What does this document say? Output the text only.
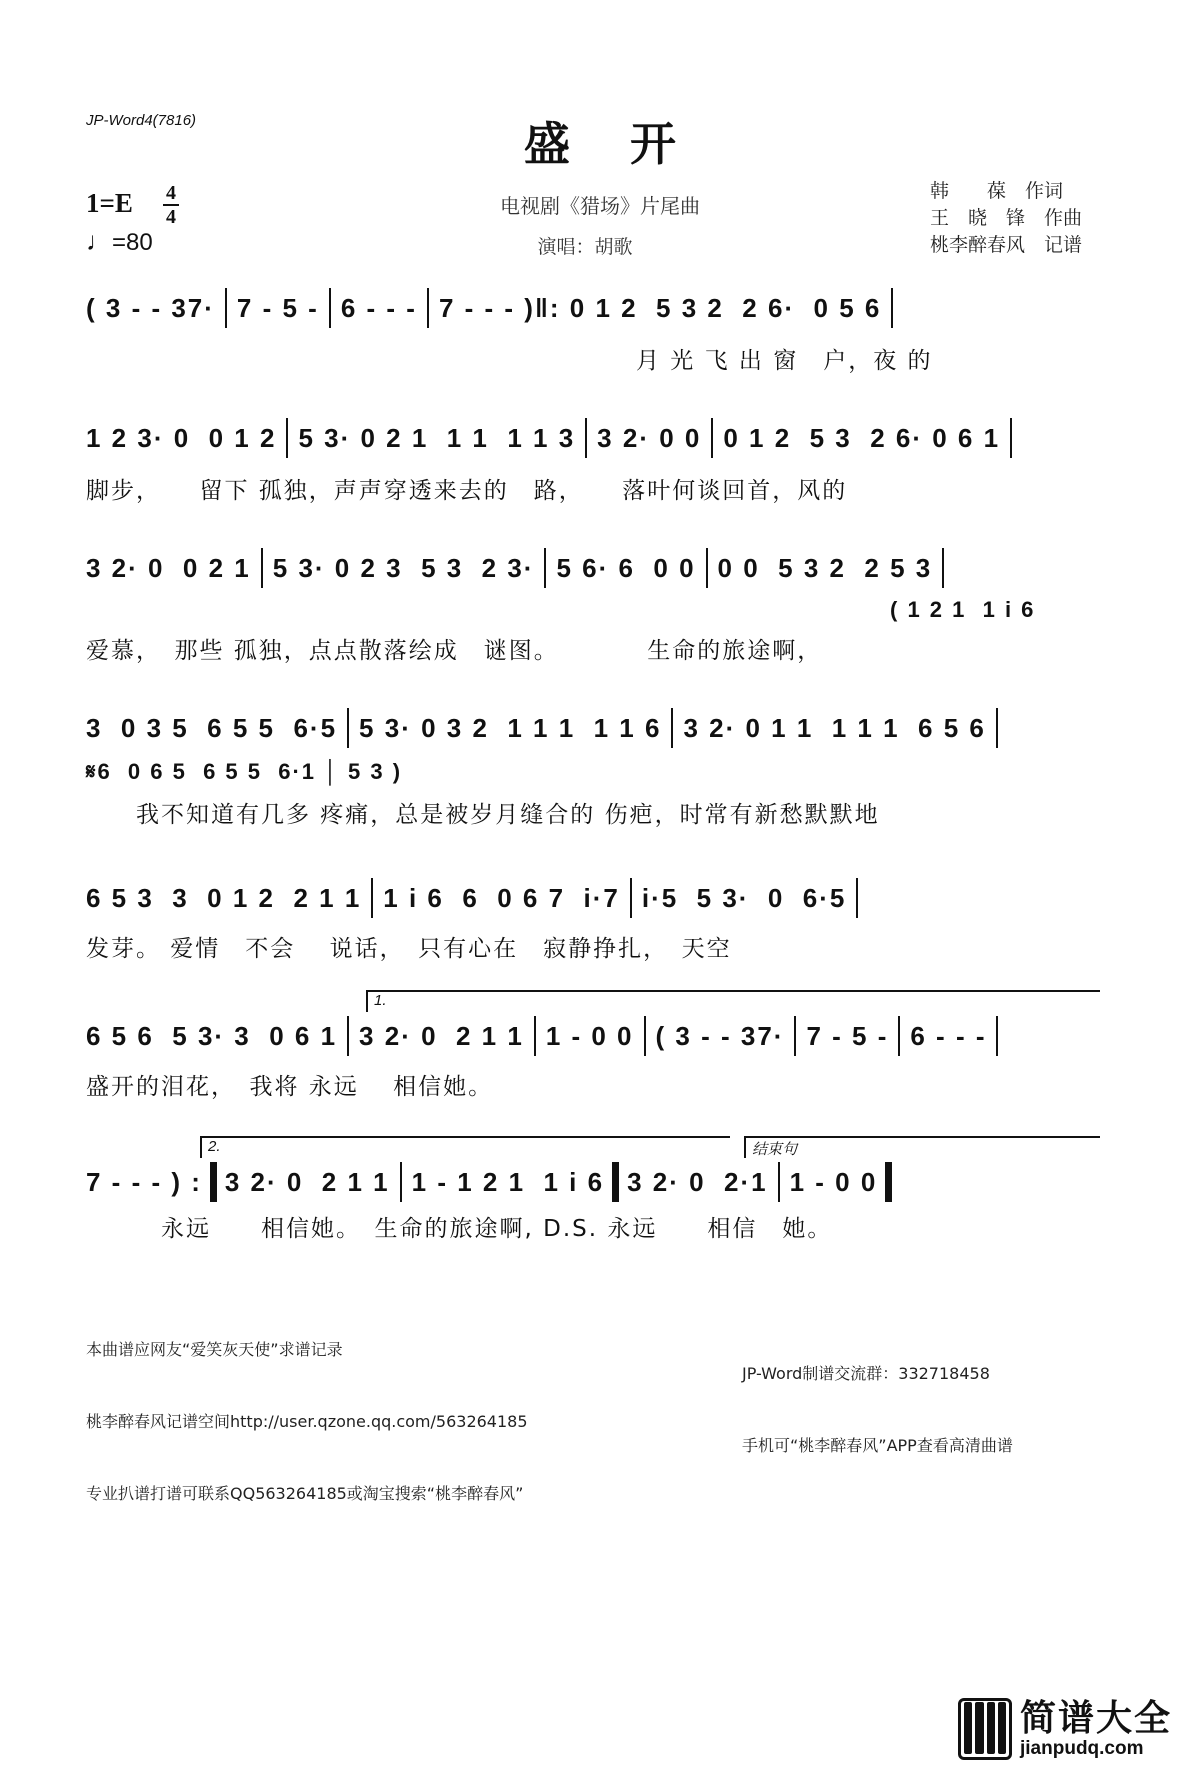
JP-Word4(7816)	盛开
1=E 4
4
♩=80
电视剧《猎场》片尾曲
演唱：胡歌
韩　　葆　作词
王　晓　锋　作曲
桃李醉春风　记谱
( 3 - - 37· 7 - 5 - 6 - - - 7 - - - )‖: 0 1 2  5 3 2  2 6·  0 5 6
　　　　　　　　　　　　　　　　　　　　　　月 光 飞 出 窗　户，夜 的
1 2 3· 0  0 1 2 5 3· 0 2 1  1 1  1 1 3 3 2· 0 0 0 1 2  5 3  2 6· 0 6 1
脚步，　　留下 孤独，声声穿透来去的　路，　　落叶何谈回首，风的
3 2· 0  0 2 1 5 3· 0 2 3  5 3  2 3· 5 6· 6  0 0 0 0  5 3 2  2 5 3
( 1 2 1  1 i 6
爱慕，　那些 孤独，点点散落绘成　谜图。　　　　生命的旅途啊，
3  0 3 5  6 5 5  6·5 5 3· 0 3 2  1 1 1  1 1 6 3 2· 0 1 1  1 1 1  6 5 6
𝄋6  0 6 5  6 5 5  6·1 │ 5 3 )
　　我不知道有几多 疼痛，总是被岁月缝合的 伤疤，时常有新愁默默地
6 5 3  3  0 1 2  2 1 1 1 i 6  6  0 6 7  i·7 i·5  5 3·  0  6·5
发芽。 爱情　不会　 说话，　只有心在　寂静挣扎，　天空
1.
6 5 6  5 3· 3  0 6 1 3 2· 0  2 1 1 1 - 0 0 ( 3 - - 37· 7 - 5 - 6 - - -
盛开的泪花，　我将 永远　 相信她。
2.	结束句
7 - - - ) : 3 2· 0  2 1 1 1 - 1 2 1  1 i 6 3 2· 0  2·1 1 - 0 0
　　　永远　　相信她。　生命的旅途啊, D.S. 永远　　相信　她。

本曲谱应网友“爱笑灰天使”求谱记录

桃李醉春风记谱空间http://user.qzone.qq.com/563264185

专业扒谱打谱可联系QQ563264185或淘宝搜索“桃李醉春风”

JP-Word制谱交流群：332718458

手机可“桃李醉春风”APP查看高清曲谱

简谱大全
jianpudq.com
